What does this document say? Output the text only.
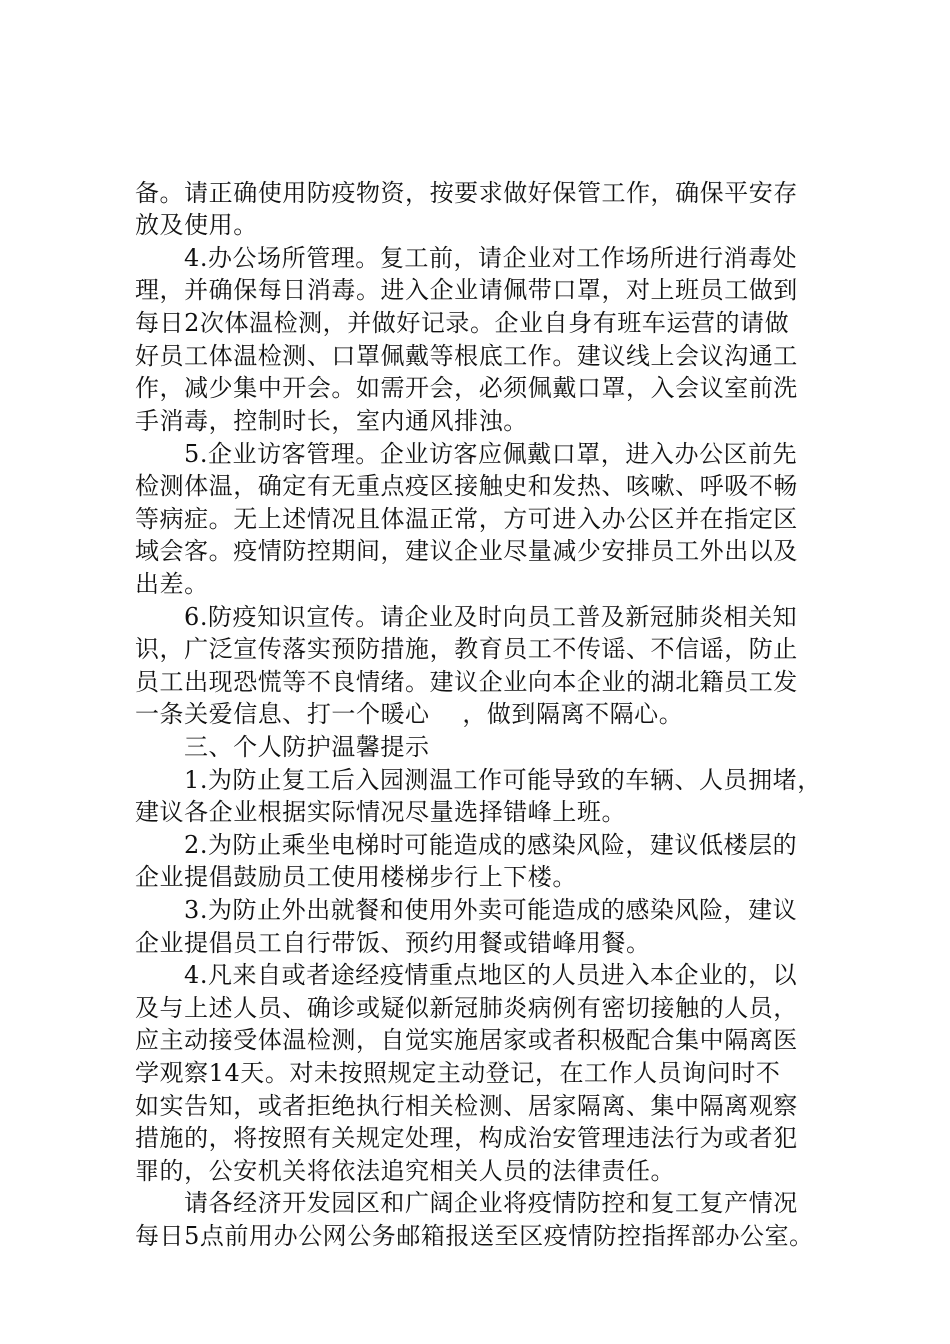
备。请正确使用防疫物资，按要求做好保管工作，确保平安存
放及使用。
4.办公场所管理。复工前，请企业对工作场所进行消毒处
理，并确保每日消毒。进入企业请佩带口罩，对上班员工做到
每日2次体温检测，并做好记录。企业自身有班车运营的请做
好员工体温检测、口罩佩戴等根底工作。建议线上会议沟通工
作，减少集中开会。如需开会，必须佩戴口罩，入会议室前洗
手消毒，控制时长，室内通风排浊。
5.企业访客管理。企业访客应佩戴口罩，进入办公区前先
检测体温，确定有无重点疫区接触史和发热、咳嗽、呼吸不畅
等病症。无上述情况且体温正常，方可进入办公区并在指定区
域会客。疫情防控期间，建议企业尽量减少安排员工外出以及
出差。
6.防疫知识宣传。请企业及时向员工普及新冠肺炎相关知
识，广泛宣传落实预防措施，教育员工不传谣、不信谣，防止
员工出现恐慌等不良情绪。建议企业向本企业的湖北籍员工发
一条关爱信息、打一个暖心    ，做到隔离不隔心。
三、个人防护温馨提示
1.为防止复工后入园测温工作可能导致的车辆、人员拥堵，
建议各企业根据实际情况尽量选择错峰上班。
2.为防止乘坐电梯时可能造成的感染风险，建议低楼层的
企业提倡鼓励员工使用楼梯步行上下楼。
3.为防止外出就餐和使用外卖可能造成的感染风险，建议
企业提倡员工自行带饭、预约用餐或错峰用餐。
4.凡来自或者途经疫情重点地区的人员进入本企业的，以
及与上述人员、确诊或疑似新冠肺炎病例有密切接触的人员，
应主动接受体温检测，自觉实施居家或者积极配合集中隔离医
学观察14天。对未按照规定主动登记，在工作人员询问时不
如实告知，或者拒绝执行相关检测、居家隔离、集中隔离观察
措施的，将按照有关规定处理，构成治安管理违法行为或者犯
罪的，公安机关将依法追究相关人员的法律责任。
请各经济开发园区和广阔企业将疫情防控和复工复产情况
每日5点前用办公网公务邮箱报送至区疫情防控指挥部办公室。
